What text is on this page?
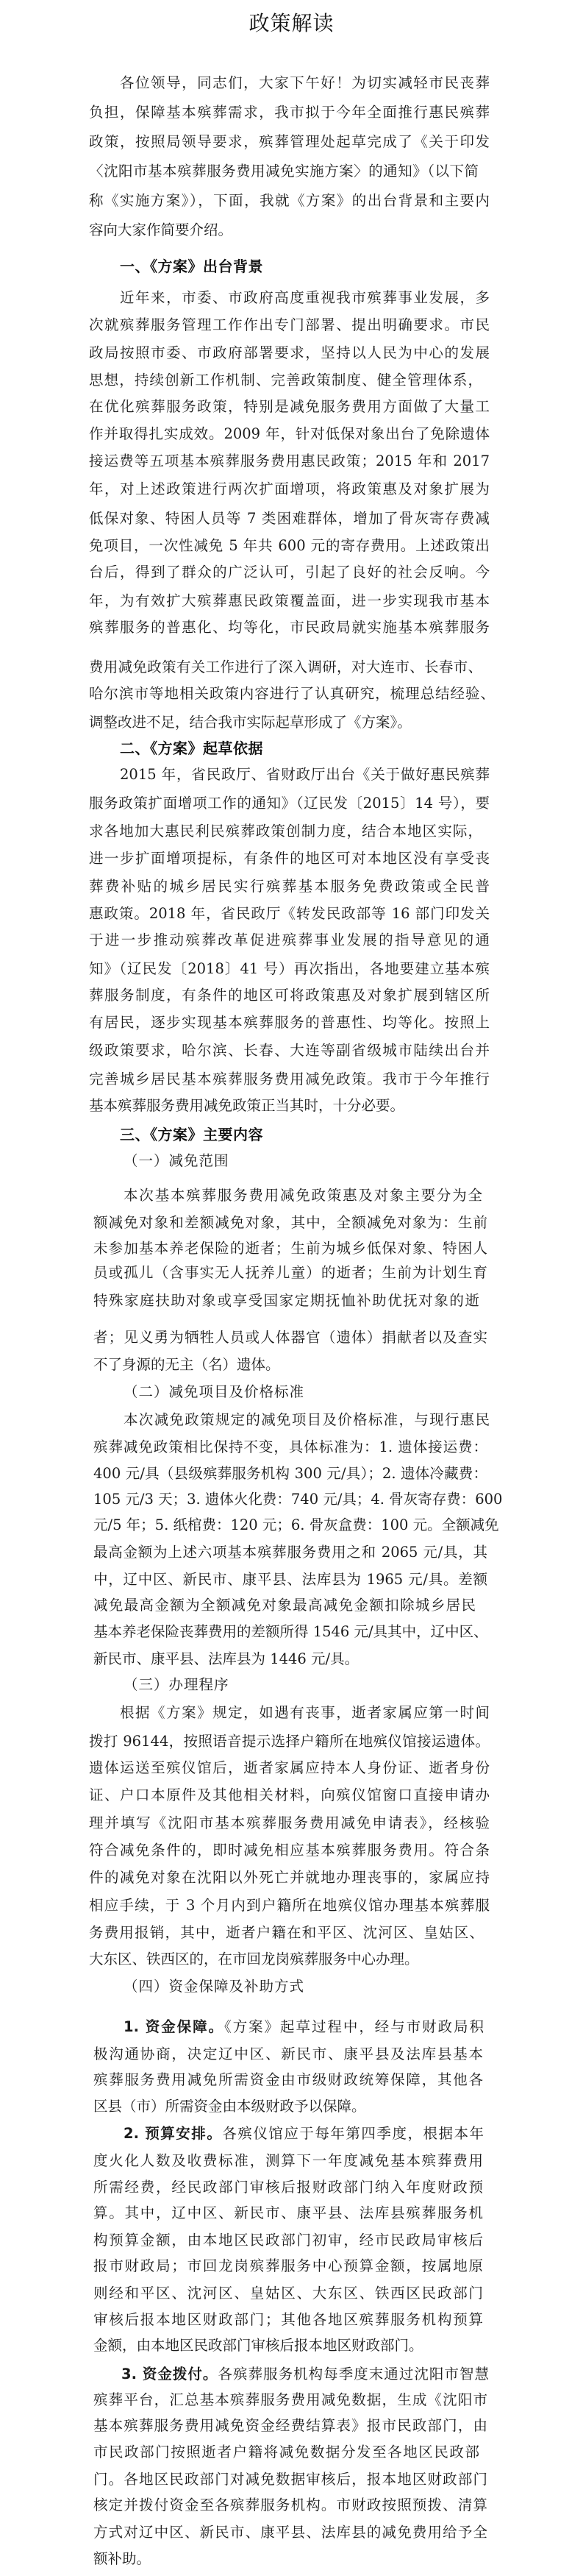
政策解读
各位领导，同志们，大家下午好！为切实减轻市民丧葬
负担，保障基本殡葬需求，我市拟于今年全面推行惠民殡葬
政策，按照局领导要求，殡葬管理处起草完成了《关于印发
〈沈阳市基本殡葬服务费用减免实施方案〉的通知》（以下简
称《实施方案》），下面，我就《方案》的出台背景和主要内
容向大家作简要介绍。
一、《方案》出台背景
近年来，市委、市政府高度重视我市殡葬事业发展，多
次就殡葬服务管理工作作出专门部署、提出明确要求。市民
政局按照市委、市政府部署要求，坚持以人民为中心的发展
思想，持续创新工作机制、完善政策制度、健全管理体系，
在优化殡葬服务政策，特别是减免服务费用方面做了大量工
作并取得扎实成效。2009 年，针对低保对象出台了免除遗体
接运费等五项基本殡葬服务费用惠民政策；2015 年和 2017
年，对上述政策进行两次扩面增项，将政策惠及对象扩展为
低保对象、特困人员等 7 类困难群体，增加了骨灰寄存费减
免项目，一次性减免 5 年共 600 元的寄存费用。上述政策出
台后，得到了群众的广泛认可，引起了良好的社会反响。今
年，为有效扩大殡葬惠民政策覆盖面，进一步实现我市基本
殡葬服务的普惠化、均等化，市民政局就实施基本殡葬服务
费用减免政策有关工作进行了深入调研，对大连市、长春市、
哈尔滨市等地相关政策内容进行了认真研究，梳理总结经验、
调整改进不足，结合我市实际起草形成了《方案》。
二、《方案》起草依据
2015 年，省民政厅、省财政厅出台《关于做好惠民殡葬
服务政策扩面增项工作的通知》（辽民发〔2015〕14 号），要
求各地加大惠民利民殡葬政策创制力度，结合本地区实际，
进一步扩面增项提标，有条件的地区可对本地区没有享受丧
葬费补贴的城乡居民实行殡葬基本服务免费政策或全民普
惠政策。2018 年，省民政厅《转发民政部等 16 部门印发关
于进一步推动殡葬改革促进殡葬事业发展的指导意见的通
知》（辽民发〔2018〕41 号）再次指出，各地要建立基本殡
葬服务制度，有条件的地区可将政策惠及对象扩展到辖区所
有居民，逐步实现基本殡葬服务的普惠性、均等化。按照上
级政策要求，哈尔滨、长春、大连等副省级城市陆续出台并
完善城乡居民基本殡葬服务费用减免政策。我市于今年推行
基本殡葬服务费用减免政策正当其时，十分必要。
三、《方案》主要内容
（一）减免范围
本次基本殡葬服务费用减免政策惠及对象主要分为全
额减免对象和差额减免对象，其中，全额减免对象为：生前
未参加基本养老保险的逝者；生前为城乡低保对象、特困人
员或孤儿（含事实无人抚养儿童）的逝者；生前为计划生育
特殊家庭扶助对象或享受国家定期抚恤补助优抚对象的逝
者；见义勇为牺牲人员或人体器官（遗体）捐献者以及查实
不了身源的无主（名）遗体。
（二）减免项目及价格标准
本次减免政策规定的减免项目及价格标准，与现行惠民
殡葬减免政策相比保持不变，具体标准为：1. 遗体接运费：
400 元/具（县级殡葬服务机构 300 元/具）；2. 遗体冷藏费：
105 元/3 天；3. 遗体火化费：740 元/具；4. 骨灰寄存费：600
元/5 年；5. 纸棺费：120 元；6. 骨灰盒费：100 元。全额减免
最高金额为上述六项基本殡葬服务费用之和 2065 元/具，其
中，辽中区、新民市、康平县、法库县为 1965 元/具。差额
减免最高金额为全额减免对象最高减免金额扣除城乡居民
基本养老保险丧葬费用的差额所得 1546 元/具其中，辽中区、
新民市、康平县、法库县为 1446 元/具。
（三）办理程序
根据《方案》规定，如遇有丧事，逝者家属应第一时间
拨打 96144，按照语音提示选择户籍所在地殡仪馆接运遗体。
遗体运送至殡仪馆后，逝者家属应持本人身份证、逝者身份
证、户口本原件及其他相关材料，向殡仪馆窗口直接申请办
理并填写《沈阳市基本殡葬服务费用减免申请表》，经核验
符合减免条件的，即时减免相应基本殡葬服务费用。符合条
件的减免对象在沈阳以外死亡并就地办理丧事的，家属应持
相应手续，于 3 个月内到户籍所在地殡仪馆办理基本殡葬服
务费用报销，其中，逝者户籍在和平区、沈河区、皇姑区、
大东区、铁西区的，在市回龙岗殡葬服务中心办理。
（四）资金保障及补助方式
1. 资金保障。《方案》起草过程中，经与市财政局积
极沟通协商，决定辽中区、新民市、康平县及法库县基本
殡葬服务费用减免所需资金由市级财政统筹保障，其他各
区县（市）所需资金由本级财政予以保障。
2. 预算安排。各殡仪馆应于每年第四季度，根据本年
度火化人数及收费标准，测算下一年度减免基本殡葬费用
所需经费，经民政部门审核后报财政部门纳入年度财政预
算。其中，辽中区、新民市、康平县、法库县殡葬服务机
构预算金额，由本地区民政部门初审，经市民政局审核后
报市财政局；市回龙岗殡葬服务中心预算金额，按属地原
则经和平区、沈河区、皇姑区、大东区、铁西区民政部门
审核后报本地区财政部门；其他各地区殡葬服务机构预算
金额，由本地区民政部门审核后报本地区财政部门。
3. 资金拨付。各殡葬服务机构每季度末通过沈阳市智慧
殡葬平台，汇总基本殡葬服务费用减免数据，生成《沈阳市
基本殡葬服务费用减免资金经费结算表》报市民政部门，由
市民政部门按照逝者户籍将减免数据分发至各地区民政部
门。各地区民政部门对减免数据审核后，报本地区财政部门
核定并拨付资金至各殡葬服务机构。市财政按照预拨、清算
方式对辽中区、新民市、康平县、法库县的减免费用给予全
额补助。
